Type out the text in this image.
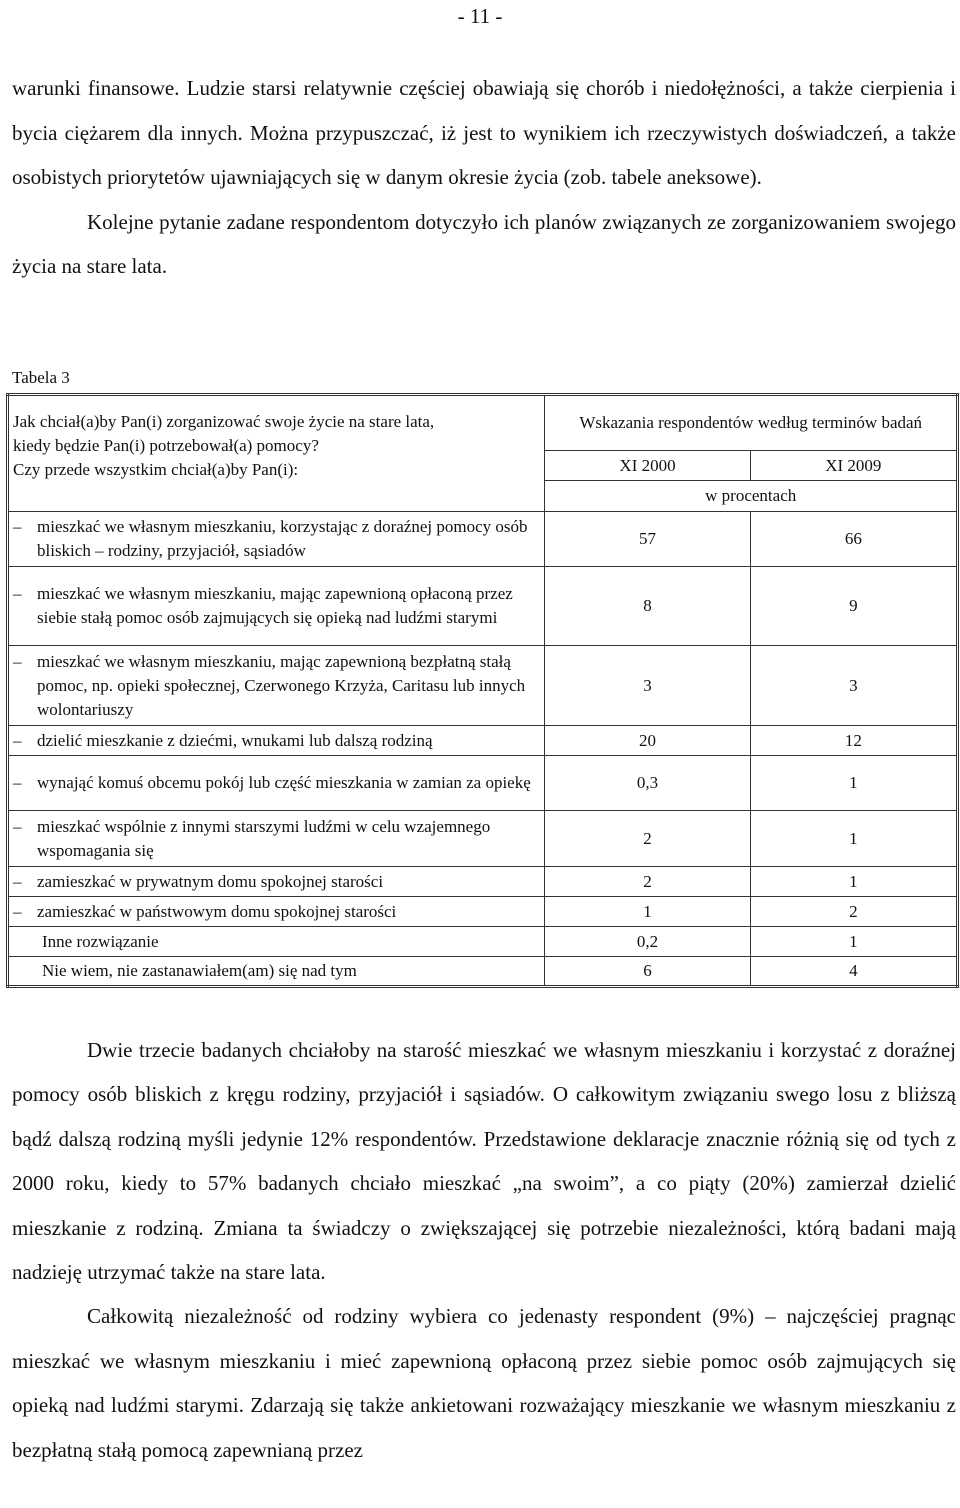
- 11 -

warunki finansowe. Ludzie starsi relatywnie częściej obawiają się chorób i niedołężności, a także cierpienia i bycia ciężarem dla innych. Można przypuszczać, iż jest to wynikiem ich rzeczywistych doświadczeń, a także osobistych priorytetów ujawniających się w danym okresie życia (zob. tabele aneksowe).

Kolejne pytanie zadane respondentom dotyczyło ich planów związanych ze zorganizowaniem swojego życia na stare lata.

Tabela 3
Jak chciał(a)by Pan(i) zorganizować swoje życie na stare lata,
kiedy będzie Pan(i) potrzebował(a) pomocy?
Czy przede wszystkim chciał(a)by Pan(i):	Wskazania respondentów według terminów badań	
	XI 2000	XI 2009
	w procentach	

– mieszkać we własnym mieszkaniu, korzystając z doraźnej pomocy osób bliskich – rodziny, przyjaciół, sąsiadów	57	66

– mieszkać we własnym mieszkaniu, mając zapewnioną opłaconą przez siebie stałą pomoc osób zajmujących się opieką nad ludźmi starymi	8	9

– mieszkać we własnym mieszkaniu, mając zapewnioną bezpłatną stałą pomoc, np. opieki społecznej, Czerwonego Krzyża, Caritasu lub innych wolontariuszy	3	3

– dzielić mieszkanie z dziećmi, wnukami lub dalszą rodziną	20	12

– wynająć komuś obcemu pokój lub część mieszkania w zamian za opiekę	0,3	1

– mieszkać wspólnie z innymi starszymi ludźmi w celu wzajemnego wspomagania się	2	1

– zamieszkać w prywatnym domu spokojnej starości	2	1

– zamieszkać w państwowym domu spokojnej starości	1	2
Inne rozwiązanie	0,2	1
Nie wiem, nie zastanawiałem(am) się nad tym	6	4

Dwie trzecie badanych chciałoby na starość mieszkać we własnym mieszkaniu i korzystać z doraźnej pomocy osób bliskich z kręgu rodziny, przyjaciół i sąsiadów. O całkowitym związaniu swego losu z bliższą bądź dalszą rodziną myśli jedynie 12% respondentów. Przedstawione deklaracje znacznie różnią się od tych z 2000 roku, kiedy to 57% badanych chciało mieszkać „na swoim”, a co piąty (20%) zamierzał dzielić mieszkanie z rodziną. Zmiana ta świadczy o zwiększającej się potrzebie niezależności, którą badani mają nadzieję utrzymać także na stare lata.

Całkowitą niezależność od rodziny wybiera co jedenasty respondent (9%) – najczęściej pragnąc mieszkać we własnym mieszkaniu i mieć zapewnioną opłaconą przez siebie pomoc osób zajmujących się opieką nad ludźmi starymi. Zdarzają się także ankietowani rozważający mieszkanie we własnym mieszkaniu z bezpłatną stałą pomocą zapewnianą przez
